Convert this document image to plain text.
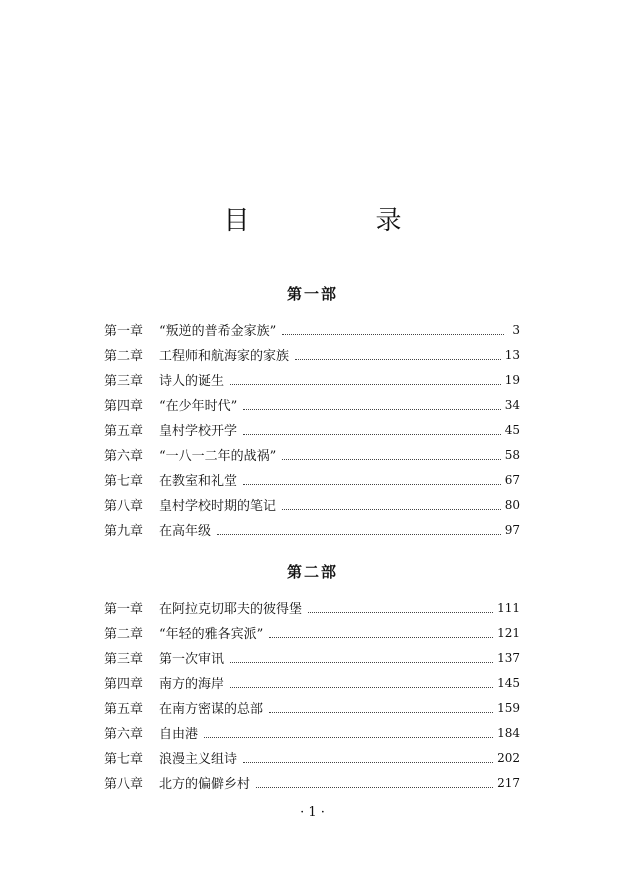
目　录
第一部
第一章	“叛逆的普希金家族”	3
第二章	工程师和航海家的家族	13
第三章	诗人的诞生	19
第四章	“在少年时代”	34
第五章	皇村学校开学	45
第六章	“一八一二年的战祸”	58
第七章	在教室和礼堂	67
第八章	皇村学校时期的笔记	80
第九章	在高年级	97
第二部
第一章	在阿拉克切耶夫的彼得堡	111
第二章	“年轻的雅各宾派”	121
第三章	第一次审讯	137
第四章	南方的海岸	145
第五章	在南方密谋的总部	159
第六章	自由港	184
第七章	浪漫主义组诗	202
第八章	北方的偏僻乡村	217
· 1 ·
